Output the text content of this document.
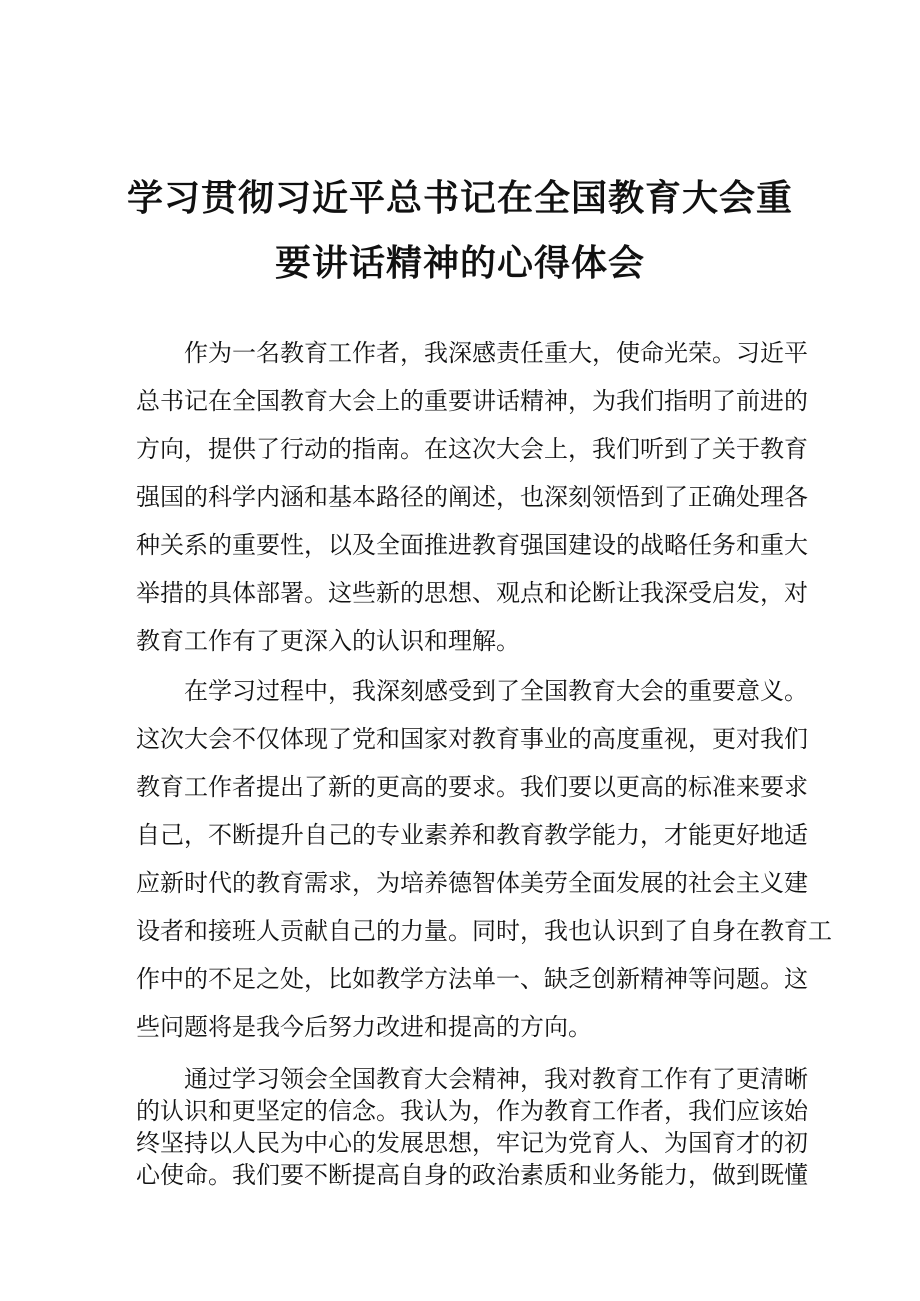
学习贯彻习近平总书记在全国教育大会重
要讲话精神的心得体会
作为一名教育工作者，我深感责任重大，使命光荣。习近平
总书记在全国教育大会上的重要讲话精神，为我们指明了前进的
方向，提供了行动的指南。在这次大会上，我们听到了关于教育
强国的科学内涵和基本路径的阐述，也深刻领悟到了正确处理各
种关系的重要性，以及全面推进教育强国建设的战略任务和重大
举措的具体部署。这些新的思想、观点和论断让我深受启发，对
教育工作有了更深入的认识和理解。
在学习过程中，我深刻感受到了全国教育大会的重要意义。
这次大会不仅体现了党和国家对教育事业的高度重视，更对我们
教育工作者提出了新的更高的要求。我们要以更高的标准来要求
自己，不断提升自己的专业素养和教育教学能力，才能更好地适
应新时代的教育需求，为培养德智体美劳全面发展的社会主义建
设者和接班人贡献自己的力量。同时，我也认识到了自身在教育工
作中的不足之处，比如教学方法单一、缺乏创新精神等问题。这
些问题将是我今后努力改进和提高的方向。
通过学习领会全国教育大会精神，我对教育工作有了更清晰
的认识和更坚定的信念。我认为，作为教育工作者，我们应该始
终坚持以人民为中心的发展思想，牢记为党育人、为国育才的初
心使命。我们要不断提高自身的政治素质和业务能力，做到既懂
